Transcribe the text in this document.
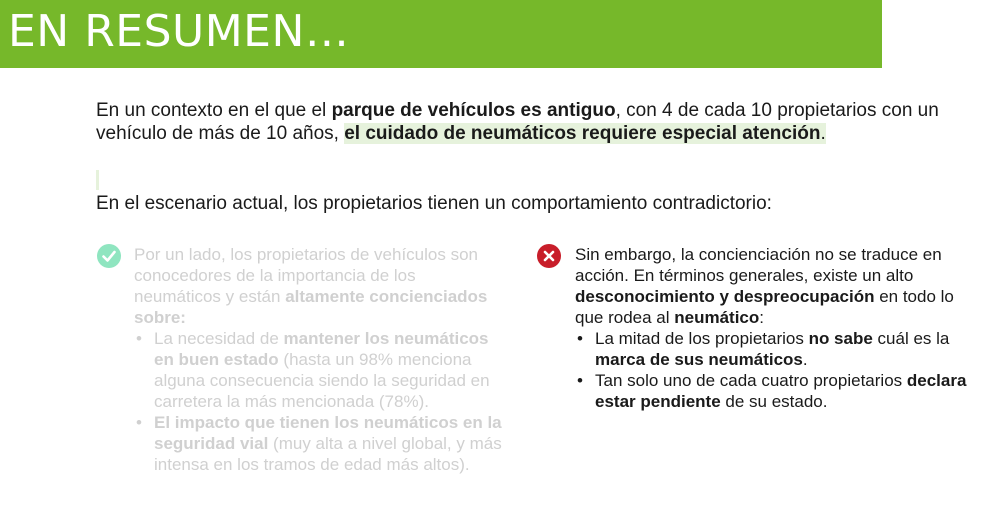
EN RESUMEN…
En un contexto en el que el parque de vehículos es antiguo, con 4 de cada 10 propietarios con un vehículo de más de 10 años, el cuidado de neumáticos requiere especial atención.
En el escenario actual, los propietarios tienen un comportamiento contradictorio:

Por un lado, los propietarios de vehículos son conocedores de la importancia de los neumáticos y están altamente concienciados sobre:

• La necesidad de mantener los neumáticos en buen estado (hasta un 98% menciona alguna consecuencia siendo la seguridad en carretera la más mencionada (78%).
• El impacto que tienen los neumáticos en la seguridad vial (muy alta a nivel global, y más intensa en los tramos de edad más altos).

Sin embargo, la concienciación no se traduce en acción. En términos generales, existe un alto desconocimiento y despreocupación en todo lo que rodea al neumático:

• La mitad de los propietarios no sabe cuál es la marca de sus neumáticos.
• Tan solo uno de cada cuatro propietarios declara estar pendiente de su estado.
